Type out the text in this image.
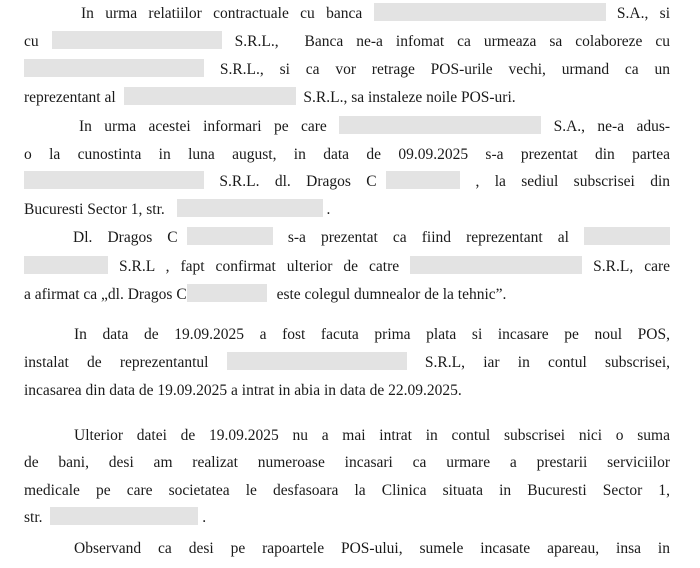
In urma relatiilor contractuale cu banca	S.A., si
cu	S.R.L.,  Banca ne-a infomat ca urmeaza sa colaboreze cu
S.R.L., si ca vor retrage POS-urile vechi, urmand ca un
reprezentant al	S.R.L., sa instaleze noile POS-uri.
In urma acestei informari pe care	S.A., ne-a adus-
o la cunostinta in luna august, in data de 09.09.2025 s-a prezentat din partea
S.R.L. dl. Dragos C	, la sediul subscrisei din
Bucuresti Sector 1, str.	.
Dl. Dragos C	s-a prezentat ca fiind reprezentant al
S.R.L , fapt confirmat ulterior de catre	S.R.L, care
a afirmat ca „dl. Dragos C	este colegul dumnealor de la tehnic”.
In data de 19.09.2025 a fost facuta prima plata si incasare pe noul POS,
instalat de reprezentantul	S.R.L, iar in contul subscrisei,
incasarea din data de 19.09.2025 a intrat in abia in data de 22.09.2025.
Ulterior datei de 19.09.2025 nu a mai intrat in contul subscrisei nici o suma
de bani, desi am realizat numeroase incasari ca urmare a prestarii serviciilor
medicale pe care societatea le desfasoara la Clinica situata in Bucuresti Sector 1,
str.	.
Observand ca desi pe rapoartele POS-ului, sumele incasate apareau, insa in
